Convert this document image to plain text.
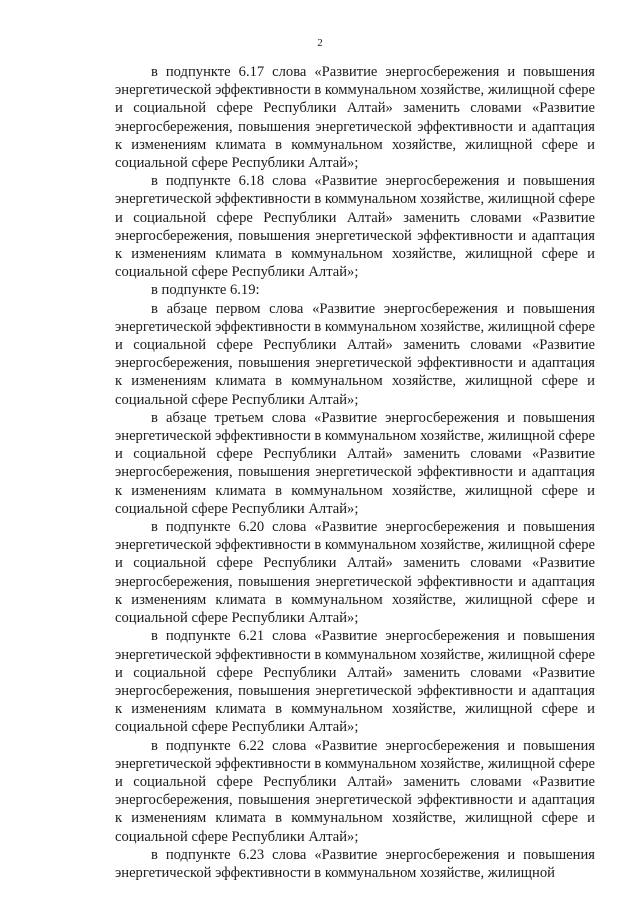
2

в подпункте 6.17 слова «Развитие энергосбережения и повышения энергетической эффективности в коммунальном хозяйстве, жилищной сфере и социальной сфере Республики Алтай» заменить словами «Развитие энергосбережения, повышения энергетической эффективности и адаптация к изменениям климата в коммунальном хозяйстве, жилищной сфере и социальной сфере Республики Алтай»;

в подпункте 6.18 слова «Развитие энергосбережения и повышения энергетической эффективности в коммунальном хозяйстве, жилищной сфере и социальной сфере Республики Алтай» заменить словами «Развитие энергосбережения, повышения энергетической эффективности и адаптация к изменениям климата в коммунальном хозяйстве, жилищной сфере и социальной сфере Республики Алтай»;

в подпункте 6.19:

в абзаце первом слова «Развитие энергосбережения и повышения энергетической эффективности в коммунальном хозяйстве, жилищной сфере и социальной сфере Республики Алтай» заменить словами «Развитие энергосбережения, повышения энергетической эффективности и адаптация к изменениям климата в коммунальном хозяйстве, жилищной сфере и социальной сфере Республики Алтай»;

в абзаце третьем слова «Развитие энергосбережения и повышения энергетической эффективности в коммунальном хозяйстве, жилищной сфере и социальной сфере Республики Алтай» заменить словами «Развитие энергосбережения, повышения энергетической эффективности и адаптация к изменениям климата в коммунальном хозяйстве, жилищной сфере и социальной сфере Республики Алтай»;

в подпункте 6.20 слова «Развитие энергосбережения и повышения энергетической эффективности в коммунальном хозяйстве, жилищной сфере и социальной сфере Республики Алтай» заменить словами «Развитие энергосбережения, повышения энергетической эффективности и адаптация к изменениям климата в коммунальном хозяйстве, жилищной сфере и социальной сфере Республики Алтай»;

в подпункте 6.21 слова «Развитие энергосбережения и повышения энергетической эффективности в коммунальном хозяйстве, жилищной сфере и социальной сфере Республики Алтай» заменить словами «Развитие энергосбережения, повышения энергетической эффективности и адаптация к изменениям климата в коммунальном хозяйстве, жилищной сфере и социальной сфере Республики Алтай»;

в подпункте 6.22 слова «Развитие энергосбережения и повышения энергетической эффективности в коммунальном хозяйстве, жилищной сфере и социальной сфере Республики Алтай» заменить словами «Развитие энергосбережения, повышения энергетической эффективности и адаптация к изменениям климата в коммунальном хозяйстве, жилищной сфере и социальной сфере Республики Алтай»;

в подпункте 6.23 слова «Развитие энергосбережения и повышения энергетической эффективности в коммунальном хозяйстве, жилищной
